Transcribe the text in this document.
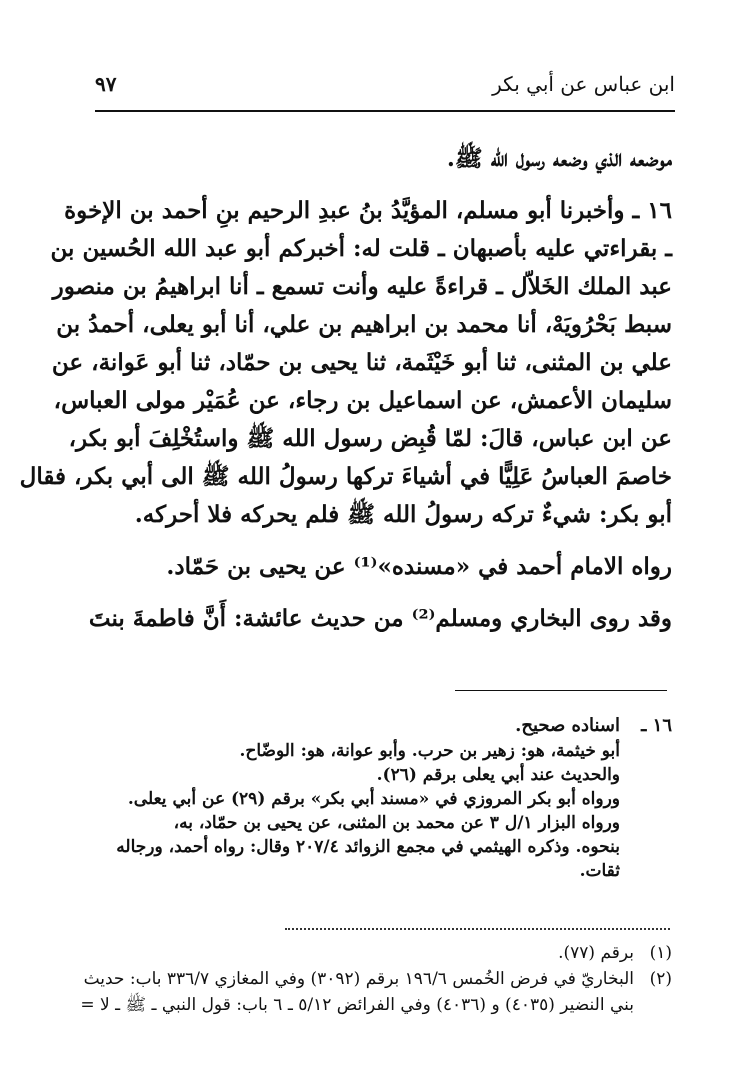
٩٧	ابن عباس عن أبي بكر
موضعه الذي وضعه رسول الله ﷺ.
١٦ ـ وأخبرنا أبو مسلم، المؤيَّدُ بنُ عبدِ الرحيم بنِ أحمد بن الإخوة
ـ بقراءتي عليه بأصبهان ـ قلت له: أخبركم أبو عبد الله الحُسين بن
عبد الملك الخَلاّل ـ قراءةً عليه وأنت تسمع ـ أنا ابراهيمُ بن منصور
سبط بَحْرُويَهْ، أنا محمد بن ابراهيم بن علي، أنا أبو يعلى، أحمدُ بن
علي بن المثنى، ثنا أبو خَيْثَمة، ثنا يحيى بن حمّاد، ثنا أبو عَوانة، عن
سليمان الأعمش، عن اسماعيل بن رجاء، عن عُمَيْر مولى العباس،
عن ابن عباس، قالَ: لمّا قُبِض رسول الله ﷺ واستُخْلِفَ أبو بكر،
خاصمَ العباسُ عَلِيًّا في أشياءَ تركها رسولُ الله ﷺ الى أبي بكر، فقال
أبو بكر: شيءٌ تركه رسولُ الله ﷺ فلم يحركه فلا أحركه.
رواه الامام أحمد في «مسنده»⁽¹⁾ عن يحيى بن حَمّاد.
وقد روى البخاري ومسلم⁽²⁾ من حديث عائشة: أَنَّ فاطمةَ بنتَ
١٦ ـاسناده صحيح.
أبو خيثمة، هو: زهير بن حرب. وأبو عوانة، هو: الوضّاح.
والحديث عند أبي يعلى برقم (٢٦).
ورواه أبو بكر المروزي في «مسند أبي بكر» برقم (٢٩) عن أبي يعلى.
ورواه البزار ١/ل ٣ عن محمد بن المثنى، عن يحيى بن حمّاد، به،
بنحوه. وذكره الهيثمي في مجمع الزوائد ٢٠٧/٤ وقال: رواه أحمد، ورجاله
ثقات.
(١)برقم (٧٧).
(٢)البخاريّ في فرض الخُمس ١٩٦/٦ برقم (٣٠٩٢) وفي المغازي ٣٣٦/٧ باب: حديث
بني النضير (٤٠٣٥) و (٤٠٣٦) وفي الفرائض ٥/١٢ ـ ٦ باب: قول النبي ـ ﷺ ـ لا =
